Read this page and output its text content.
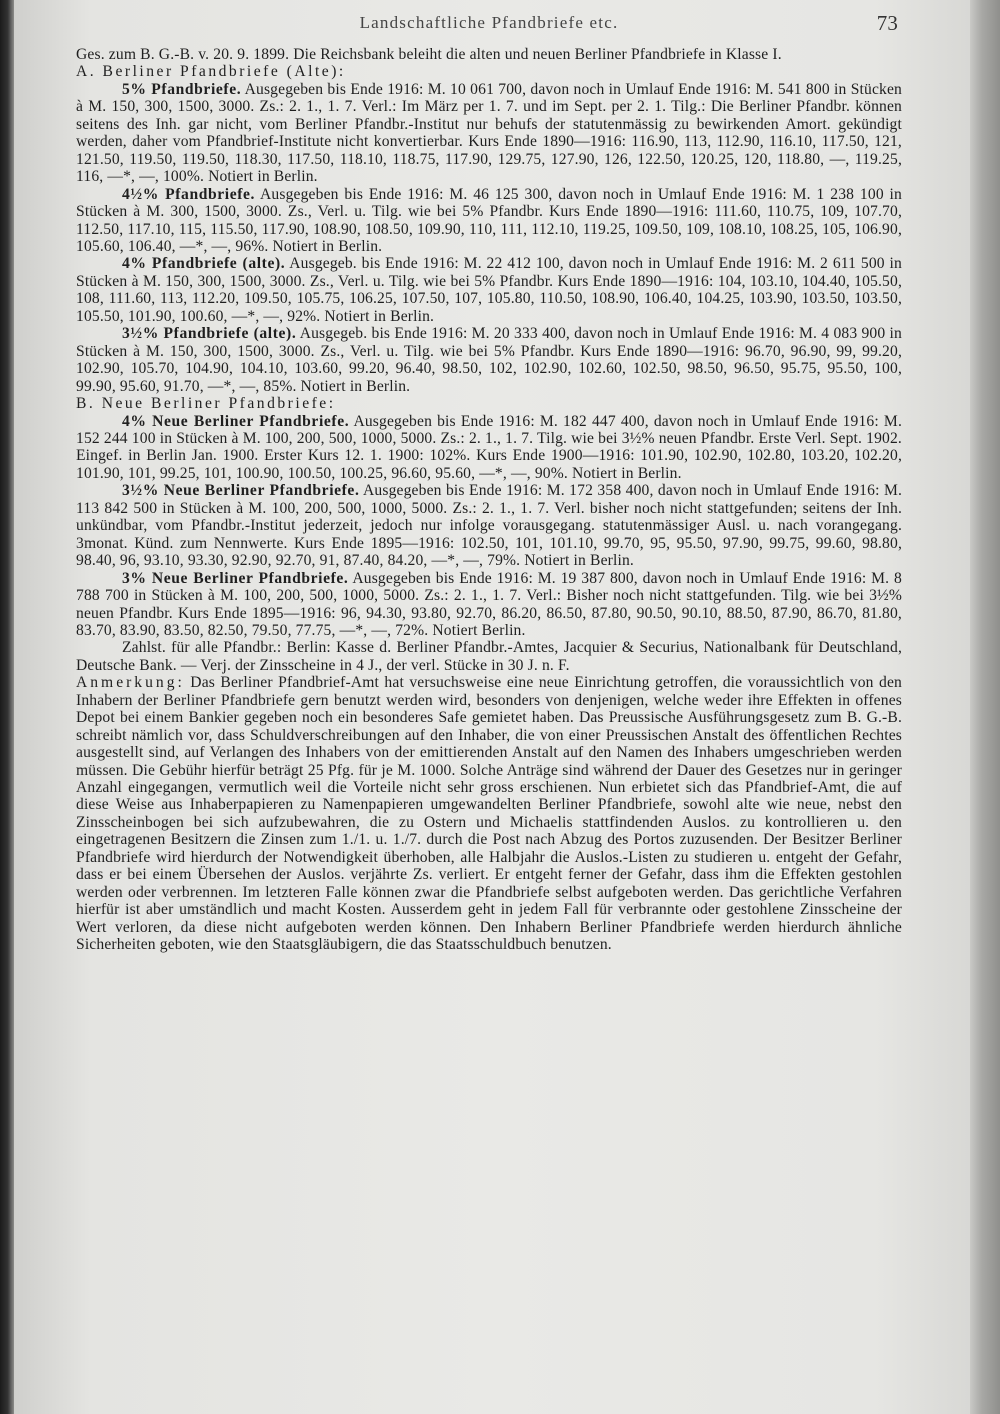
Landschaftliche Pfandbriefe etc.	73

Ges. zum B. G.-B. v. 20. 9. 1899. Die Reichsbank beleiht die alten und neuen Berliner Pfandbriefe in Klasse I.

A. Berliner Pfandbriefe (Alte):

5% Pfandbriefe. Ausgegeben bis Ende 1916: M. 10 061 700, davon noch in Umlauf Ende 1916: M. 541 800 in Stücken à M. 150, 300, 1500, 3000. Zs.: 2. 1., 1. 7. Verl.: Im März per 1. 7. und im Sept. per 2. 1. Tilg.: Die Berliner Pfandbr. können seitens des Inh. gar nicht, vom Berliner Pfandbr.-Institut nur behufs der statutenmässig zu bewirkenden Amort. gekündigt werden, daher vom Pfandbrief-Institute nicht konvertierbar. Kurs Ende 1890—1916: 116.90, 113, 112.90, 116.10, 117.50, 121, 121.50, 119.50, 119.50, 118.30, 117.50, 118.10, 118.75, 117.90, 129.75, 127.90, 126, 122.50, 120.25, 120, 118.80, —, 119.25, 116, —*, —, 100%. Notiert in Berlin.

4½% Pfandbriefe. Ausgegeben bis Ende 1916: M. 46 125 300, davon noch in Umlauf Ende 1916: M. 1 238 100 in Stücken à M. 300, 1500, 3000. Zs., Verl. u. Tilg. wie bei 5% Pfandbr. Kurs Ende 1890—1916: 111.60, 110.75, 109, 107.70, 112.50, 117.10, 115, 115.50, 117.90, 108.90, 108.50, 109.90, 110, 111, 112.10, 119.25, 109.50, 109, 108.10, 108.25, 105, 106.90, 105.60, 106.40, —*, —, 96%. Notiert in Berlin.

4% Pfandbriefe (alte). Ausgegeb. bis Ende 1916: M. 22 412 100, davon noch in Umlauf Ende 1916: M. 2 611 500 in Stücken à M. 150, 300, 1500, 3000. Zs., Verl. u. Tilg. wie bei 5% Pfandbr. Kurs Ende 1890—1916: 104, 103.10, 104.40, 105.50, 108, 111.60, 113, 112.20, 109.50, 105.75, 106.25, 107.50, 107, 105.80, 110.50, 108.90, 106.40, 104.25, 103.90, 103.50, 103.50, 105.50, 101.90, 100.60, —*, —, 92%. Notiert in Berlin.

3½% Pfandbriefe (alte). Ausgegeb. bis Ende 1916: M. 20 333 400, davon noch in Umlauf Ende 1916: M. 4 083 900 in Stücken à M. 150, 300, 1500, 3000. Zs., Verl. u. Tilg. wie bei 5% Pfandbr. Kurs Ende 1890—1916: 96.70, 96.90, 99, 99.20, 102.90, 105.70, 104.90, 104.10, 103.60, 99.20, 96.40, 98.50, 102, 102.90, 102.60, 102.50, 98.50, 96.50, 95.75, 95.50, 100, 99.90, 95.60, 91.70, —*, —, 85%. Notiert in Berlin.

B. Neue Berliner Pfandbriefe:

4% Neue Berliner Pfandbriefe. Ausgegeben bis Ende 1916: M. 182 447 400, davon noch in Umlauf Ende 1916: M. 152 244 100 in Stücken à M. 100, 200, 500, 1000, 5000. Zs.: 2. 1., 1. 7. Tilg. wie bei 3½% neuen Pfandbr. Erste Verl. Sept. 1902. Eingef. in Berlin Jan. 1900. Erster Kurs 12. 1. 1900: 102%. Kurs Ende 1900—1916: 101.90, 102.90, 102.80, 103.20, 102.20, 101.90, 101, 99.25, 101, 100.90, 100.50, 100.25, 96.60, 95.60, —*, —, 90%. Notiert in Berlin.

3½% Neue Berliner Pfandbriefe. Ausgegeben bis Ende 1916: M. 172 358 400, davon noch in Umlauf Ende 1916: M. 113 842 500 in Stücken à M. 100, 200, 500, 1000, 5000. Zs.: 2. 1., 1. 7. Verl. bisher noch nicht stattgefunden; seitens der Inh. unkündbar, vom Pfandbr.-Institut jederzeit, jedoch nur infolge vorausgegang. statutenmässiger Ausl. u. nach vorangegang. 3monat. Künd. zum Nennwerte. Kurs Ende 1895—1916: 102.50, 101, 101.10, 99.70, 95, 95.50, 97.90, 99.75, 99.60, 98.80, 98.40, 96, 93.10, 93.30, 92.90, 92.70, 91, 87.40, 84.20, —*, —, 79%. Notiert in Berlin.

3% Neue Berliner Pfandbriefe. Ausgegeben bis Ende 1916: M. 19 387 800, davon noch in Umlauf Ende 1916: M. 8 788 700 in Stücken à M. 100, 200, 500, 1000, 5000. Zs.: 2. 1., 1. 7. Verl.: Bisher noch nicht stattgefunden. Tilg. wie bei 3½% neuen Pfandbr. Kurs Ende 1895—1916: 96, 94.30, 93.80, 92.70, 86.20, 86.50, 87.80, 90.50, 90.10, 88.50, 87.90, 86.70, 81.80, 83.70, 83.90, 83.50, 82.50, 79.50, 77.75, —*, —, 72%. Notiert Berlin.

Zahlst. für alle Pfandbr.: Berlin: Kasse d. Berliner Pfandbr.-Amtes, Jacquier & Securius, Nationalbank für Deutschland, Deutsche Bank. — Verj. der Zinsscheine in 4 J., der verl. Stücke in 30 J. n. F.

Anmerkung: Das Berliner Pfandbrief-Amt hat versuchsweise eine neue Einrichtung getroffen, die voraussichtlich von den Inhabern der Berliner Pfandbriefe gern benutzt werden wird, besonders von denjenigen, welche weder ihre Effekten in offenes Depot bei einem Bankier gegeben noch ein besonderes Safe gemietet haben. Das Preussische Ausführungsgesetz zum B. G.-B. schreibt nämlich vor, dass Schuldverschreibungen auf den Inhaber, die von einer Preussischen Anstalt des öffentlichen Rechtes ausgestellt sind, auf Verlangen des Inhabers von der emittierenden Anstalt auf den Namen des Inhabers umgeschrieben werden müssen. Die Gebühr hierfür beträgt 25 Pfg. für je M. 1000. Solche Anträge sind während der Dauer des Gesetzes nur in geringer Anzahl eingegangen, vermutlich weil die Vorteile nicht sehr gross erschienen. Nun erbietet sich das Pfandbrief-Amt, die auf diese Weise aus Inhaberpapieren zu Namenpapieren umgewandelten Berliner Pfandbriefe, sowohl alte wie neue, nebst den Zinsscheinbogen bei sich aufzubewahren, die zu Ostern und Michaelis stattfindenden Auslos. zu kontrollieren u. den eingetragenen Besitzern die Zinsen zum 1./1. u. 1./7. durch die Post nach Abzug des Portos zuzusenden. Der Besitzer Berliner Pfandbriefe wird hierdurch der Notwendigkeit überhoben, alle Halbjahr die Auslos.-Listen zu studieren u. entgeht der Gefahr, dass er bei einem Übersehen der Auslos. verjährte Zs. verliert. Er entgeht ferner der Gefahr, dass ihm die Effekten gestohlen werden oder verbrennen. Im letzteren Falle können zwar die Pfandbriefe selbst aufgeboten werden. Das gerichtliche Verfahren hierfür ist aber umständlich und macht Kosten. Ausserdem geht in jedem Fall für verbrannte oder gestohlene Zinsscheine der Wert verloren, da diese nicht aufgeboten werden können. Den Inhabern Berliner Pfandbriefe werden hierdurch ähnliche Sicherheiten geboten, wie den Staatsgläubigern, die das Staatsschuldbuch benutzen.
